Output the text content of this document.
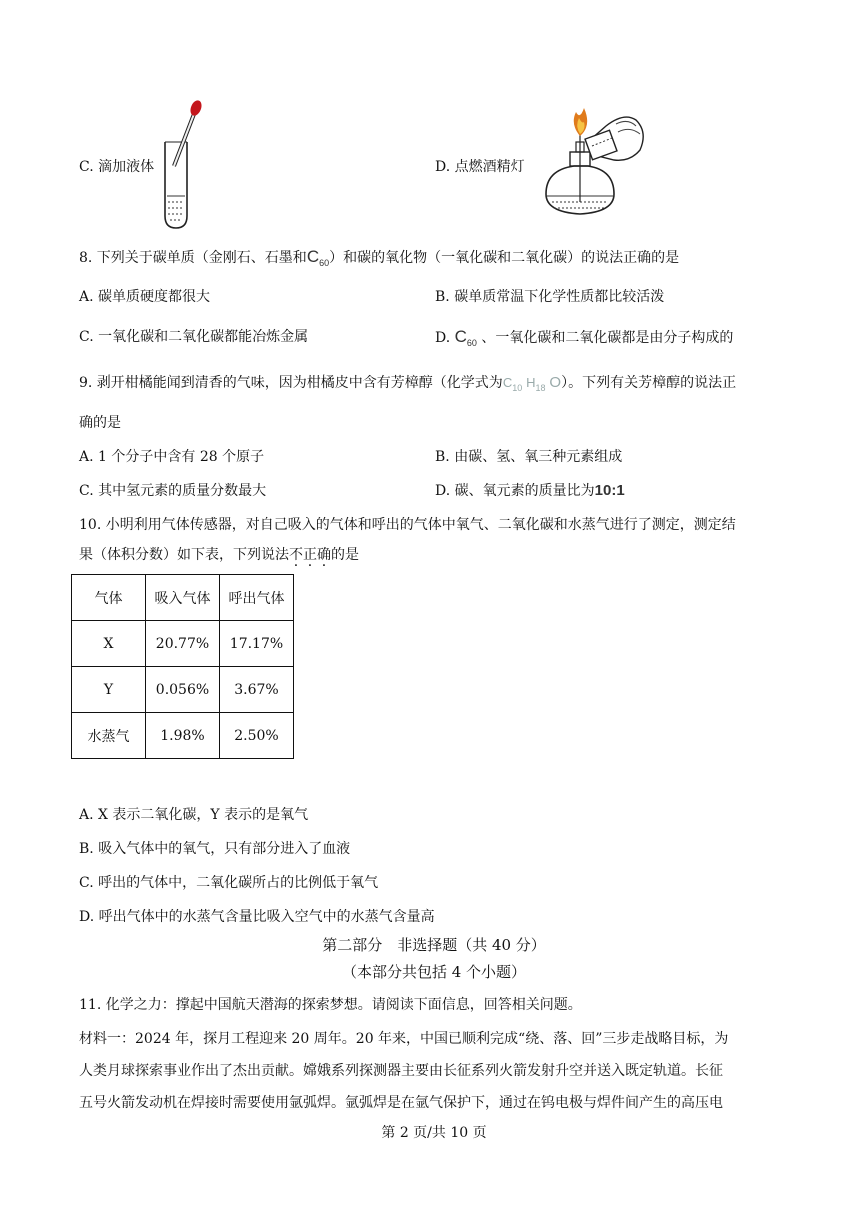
C. 滴加液体	D. 点燃酒精灯
8. 下列关于碳单质（金刚石、石墨和$C_{60}$）和碳的氧化物（一氧化碳和二氧化碳）的说法正确的是
A. 碳单质硬度都很大	B. 碳单质常温下化学性质都比较活泼
C. 一氧化碳和二氧化碳都能冶炼金属	D. $C_{60}$ 、一氧化碳和二氧化碳都是由分子构成的
9. 剥开柑橘能闻到清香的气味，因为柑橘皮中含有芳樟醇（化学式为$C_{10}$ $H_{18}$ O）。下列有关芳樟醇的说法正
确的是
A. 1 个分子中含有 28 个原子	B. 由碳、氢、氧三种元素组成
C. 其中氢元素的质量分数最大	D. 碳、氧元素的质量比为10:1
10. 小明利用气体传感器，对自己吸入的气体和呼出的气体中氧气、二氧化碳和水蒸气进行了测定，测定结
果（体积分数）如下表，下列说法不正确的是
气体	吸入气体	呼出气体
X	20.77%	17.17%
Y	0.056%	3.67%
水蒸气	1.98%	2.50%
A. X 表示二氧化碳，Y 表示的是氧气
B. 吸入气体中的氧气，只有部分进入了血液
C. 呼出的气体中，二氧化碳所占的比例低于氧气
D. 呼出气体中的水蒸气含量比吸入空气中的水蒸气含量高
第二部分　非选择题（共 40 分）
（本部分共包括 4 个小题）
11. 化学之力：撑起中国航天潜海的探索梦想。请阅读下面信息，回答相关问题。
材料一：2024 年，探月工程迎来 20 周年。20 年来，中国已顺利完成“绕、落、回”三步走战略目标，为
人类月球探索事业作出了杰出贡献。嫦娥系列探测器主要由长征系列火箭发射升空并送入既定轨道。长征
五号火箭发动机在焊接时需要使用氩弧焊。氩弧焊是在氩气保护下，通过在钨电极与焊件间产生的高压电
第 2 页/共 10 页
